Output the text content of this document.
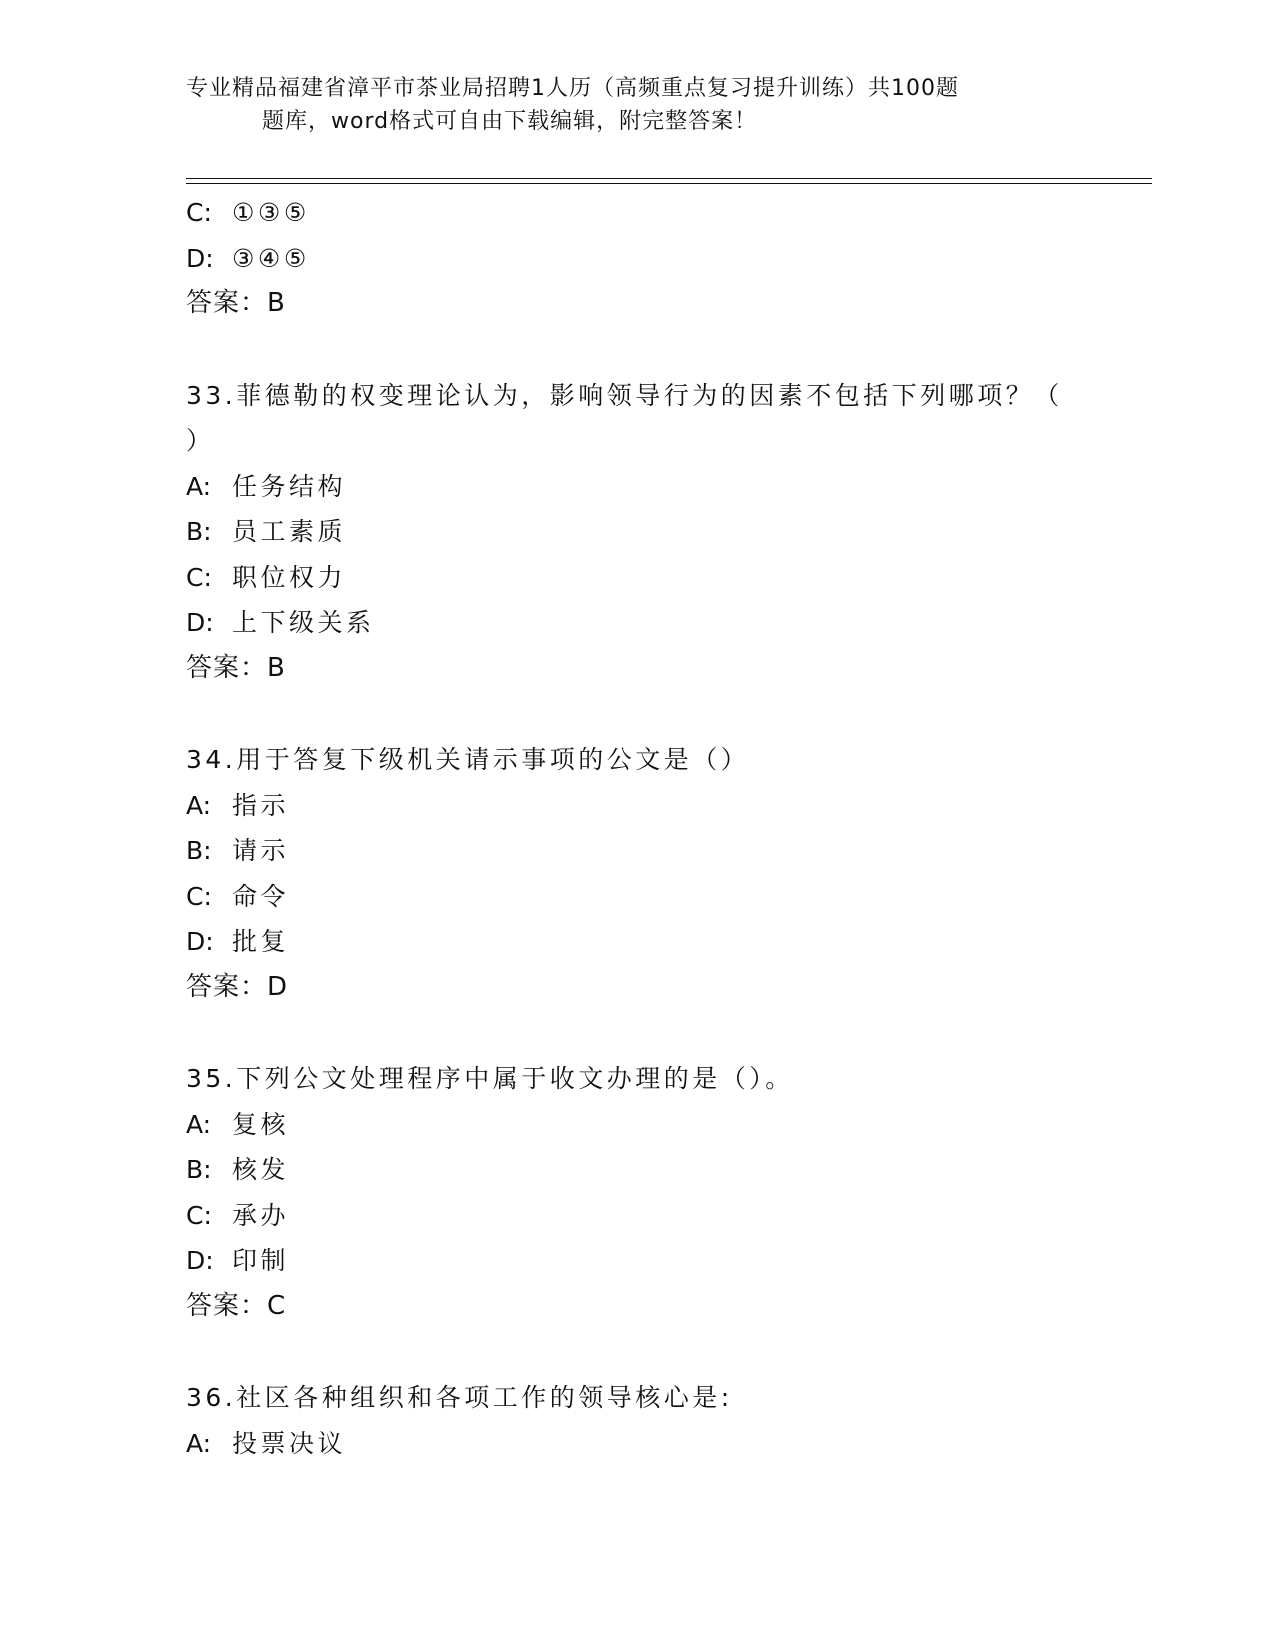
专业精品福建省漳平市茶业局招聘1人历（高频重点复习提升训练）共100题
题库，word格式可自由下载编辑，附完整答案！
C: ①③⑤
D: ③④⑤
答案：B
33.菲德勒的权变理论认为，影响领导行为的因素不包括下列哪项？（
）
A: 任务结构
B: 员工素质
C: 职位权力
D: 上下级关系
答案：B
34.用于答复下级机关请示事项的公文是（）
A: 指示
B: 请示
C: 命令
D: 批复
答案：D
35.下列公文处理程序中属于收文办理的是（）。
A: 复核
B: 核发
C: 承办
D: 印制
答案：C
36.社区各种组织和各项工作的领导核心是:
A: 投票决议
